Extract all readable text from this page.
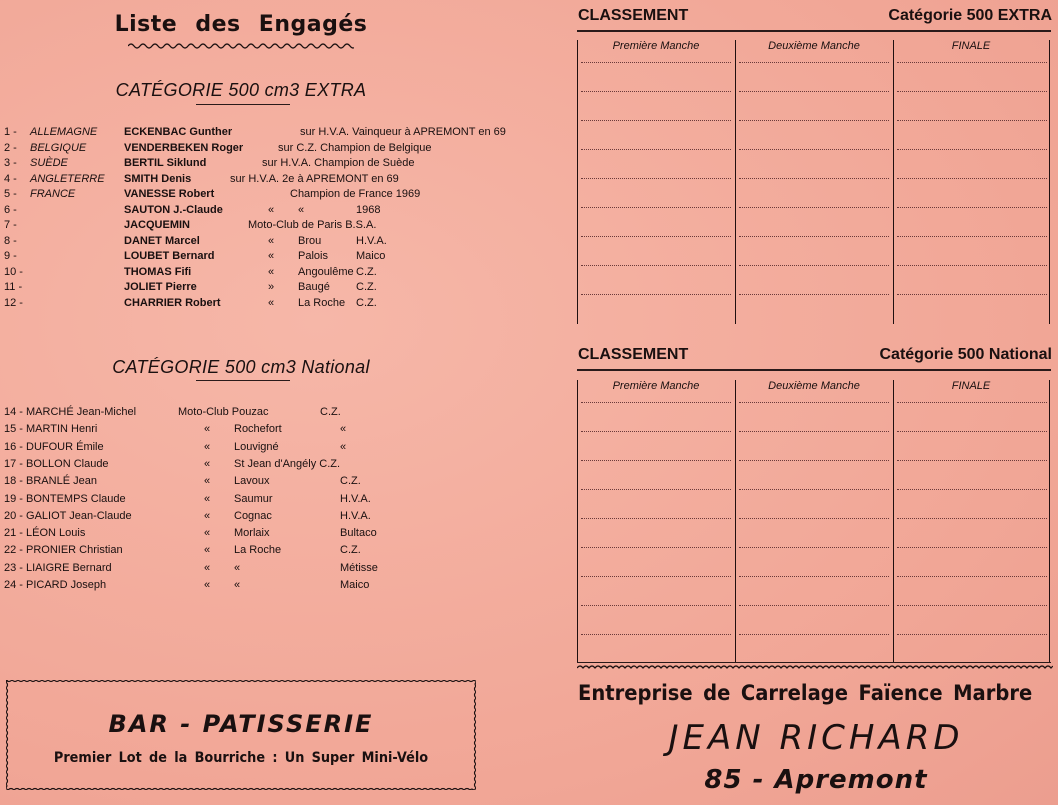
Liste des Engagés
CATÉGORIE 500 cm3 EXTRA
1 - ALLEMAGNE ECKENBAC Gunther	sur H.V.A. Vainqueur à APREMONT en 69
2 - BELGIQUE	VENDERBEKEN Roger	sur C.Z. Champion de Belgique
3 - SUÈDE	BERTIL Siklund	sur H.V.A. Champion de Suède
4 - ANGLETERRE SMITH Denis	sur H.V.A. 2e à APREMONT en 69
5 - FRANCE	VANESSE Robert	Champion de France 1969
6 -	SAUTON J.-Claude	« «	1968
7 -	JACQUEMIN	Moto-Club de Paris B.S.A.
8 -	DANET Marcel	« Brou	H.V.A.
9 -	LOUBET Bernard	« Palois	Maico
10 -	THOMAS Fifi	« Angoulême C.Z.
11 -	JOLIET Pierre	» Baugé C.Z.
12 -	CHARRIER Robert	« La Roche C.Z.
CATÉGORIE 500 cm3 National
14 - MARCHÉ Jean-Michel	Moto-Club Pouzac	C.Z.
15 - MARTIN Henri	« Rochefort	«
16 - DUFOUR Émile	« Louvigné	«
17 - BOLLON Claude	« St Jean d'Angély C.Z.
18 - BRANLÉ Jean	« Lavoux	C.Z.
19 - BONTEMPS Claude	« Saumur	H.V.A.
20 - GALIOT Jean-Claude	« Cognac	H.V.A.
21 - LÉON Louis	« Morlaix	Bultaco
22 - PRONIER Christian	« La Roche	C.Z.
23 - LIAIGRE Bernard	« «	Métisse
24 - PICARD Joseph	« «	Maico
BAR - PATISSERIE
Premier Lot de la Bourriche : Un Super Mini-Vélo
CLASSEMENT	Catégorie 500 EXTRA
Première Manche	Deuxième Manche	FINALE
CLASSEMENT	Catégorie 500 National
Première Manche	Deuxième Manche	FINALE
Entreprise de Carrelage Faïence Marbre
JEAN RICHARD
85 - Apremont
